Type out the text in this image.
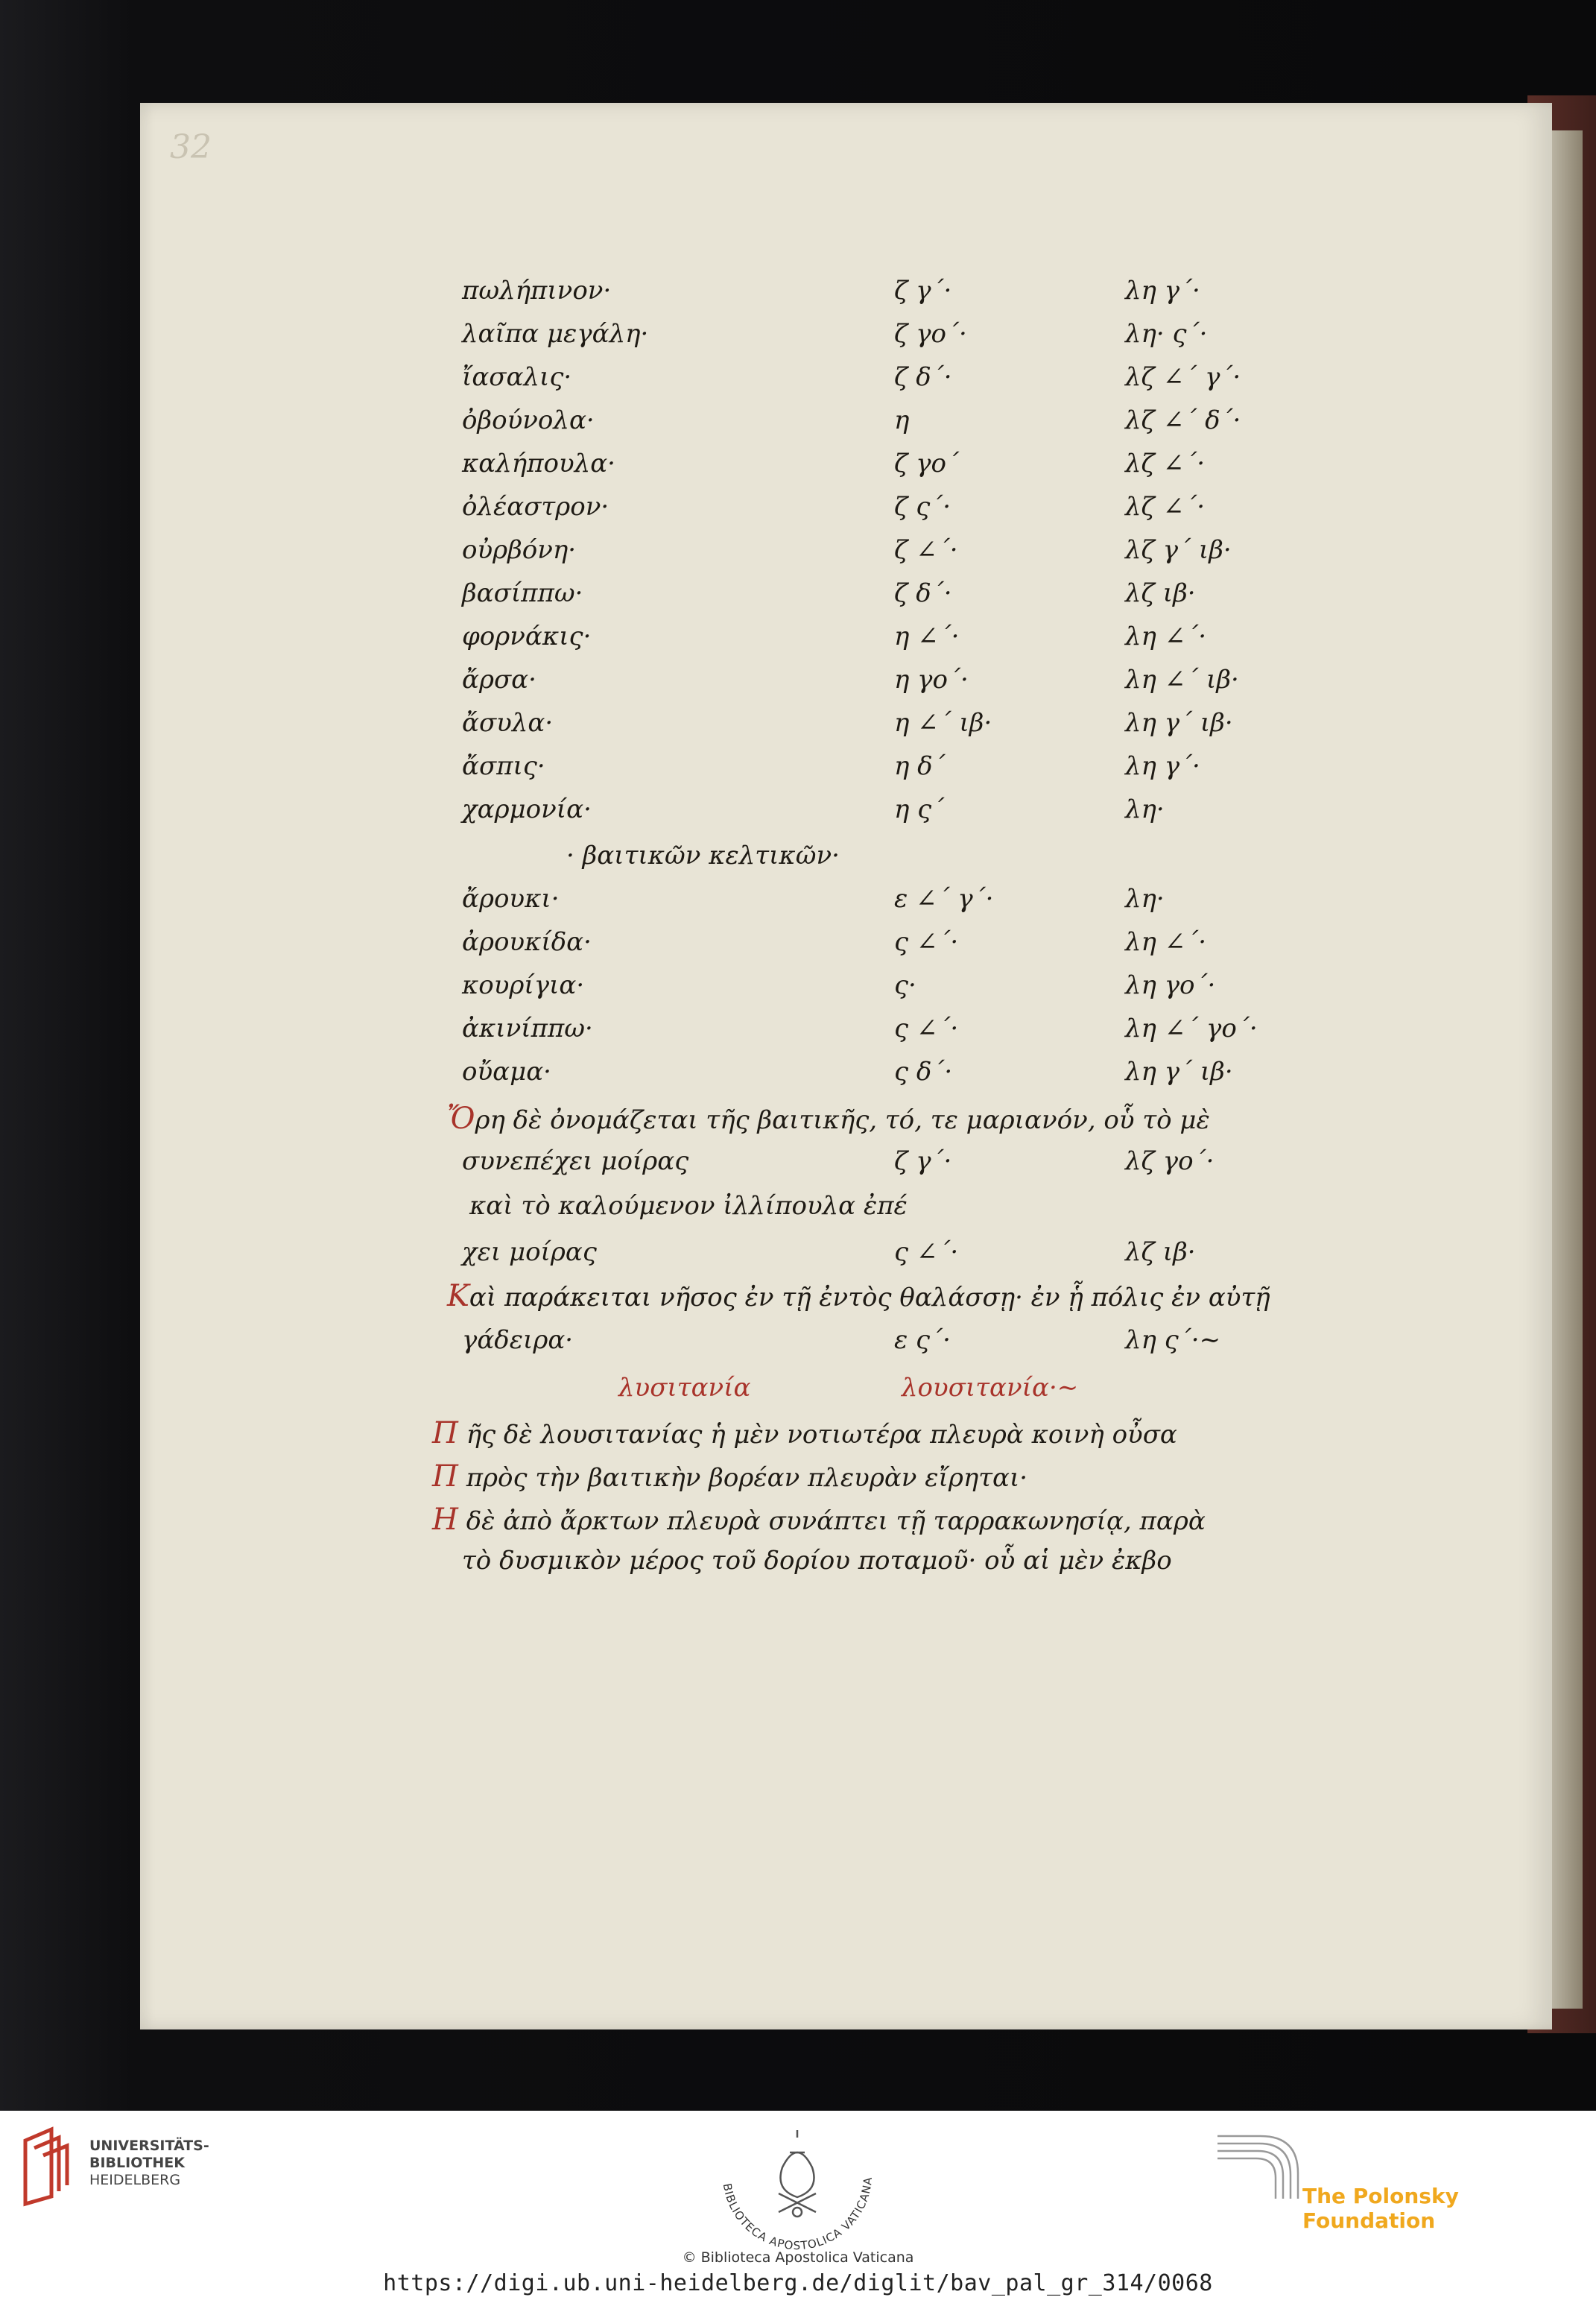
32
πωλήπινον·	ζ γ΄·	λη γ΄·
λαῖπα μεγάλη·	ζ γο΄·	λη· ς΄·
ἴασαλις·	ζ δ΄·	λζ ∠΄ γ΄·
ὀβούνολα·	η	λζ ∠΄ δ΄·
καλήπουλα·	ζ γο΄	λζ ∠΄·
ὀλέαστρον·	ζ ς΄·	λζ ∠΄·
οὐρβόνη·	ζ ∠΄·	λζ γ΄ ιβ·
βασίππω·	ζ δ΄·	λζ ιβ·
φορνάκις·	η ∠΄·	λη ∠΄·
ἄρσα·	η γο΄·	λη ∠΄ ιβ·
ἄσυλα·	η ∠΄ ιβ·	λη γ΄ ιβ·
ἄσπις·	η δ΄	λη γ΄·
χαρμονία·	η ς΄	λη·
· βαιτικῶν κελτικῶν·
ἄρουκι·	ε ∠΄ γ΄·	λη·
ἀρουκίδα·	ς ∠΄·	λη ∠΄·
κουρίγια·	ς·	λη γο΄·
ἀκινίππω·	ς ∠΄·	λη ∠΄ γο΄·
οὔαμα·	ς δ΄·	λη γ΄ ιβ·
Ὄρη δὲ ὀνομάζεται τῆς βαιτικῆς, τό, τε μαριανόν, οὗ τὸ μὲ
συνεπέχει μοίρας	ζ γ΄·	λζ γο΄·
καὶ τὸ καλούμενον ἰλλίπουλα ἐπέ
χει μοίρας	ς ∠΄·	λζ ιβ·
Καὶ παράκειται νῆσος ἐν τῇ ἐντὸς θαλάσσῃ· ἐν ᾗ πόλις ἐν αὐτῇ
γάδειρα·	ε ς΄·	λη ς΄·∼
λυσιτανία	λουσιτανία·∼
Π ῆς δὲ λουσιτανίας ἡ μὲν νοτιωτέρα πλευρὰ κοινὴ οὖσα
Π πρὸς τὴν βαιτικὴν βορέαν πλευρὰν εἴρηται·
Η δὲ ἀπὸ ἄρκτων πλευρὰ συνάπτει τῇ ταρρακωνησίᾳ, παρὰ
τὸ δυσμικὸν μέρος τοῦ δορίου ποταμοῦ· οὗ αἱ μὲν ἐκβο
UNIVERSITÄTS-
BIBLIOTHEK
HEIDELBERG	BIBLIOTECA APOSTOLICA VATICANA
© Biblioteca Apostolica Vaticana
https://digi.ub.uni-heidelberg.de/diglit/bav_pal_gr_314/0068
The Polonsky Foundation
